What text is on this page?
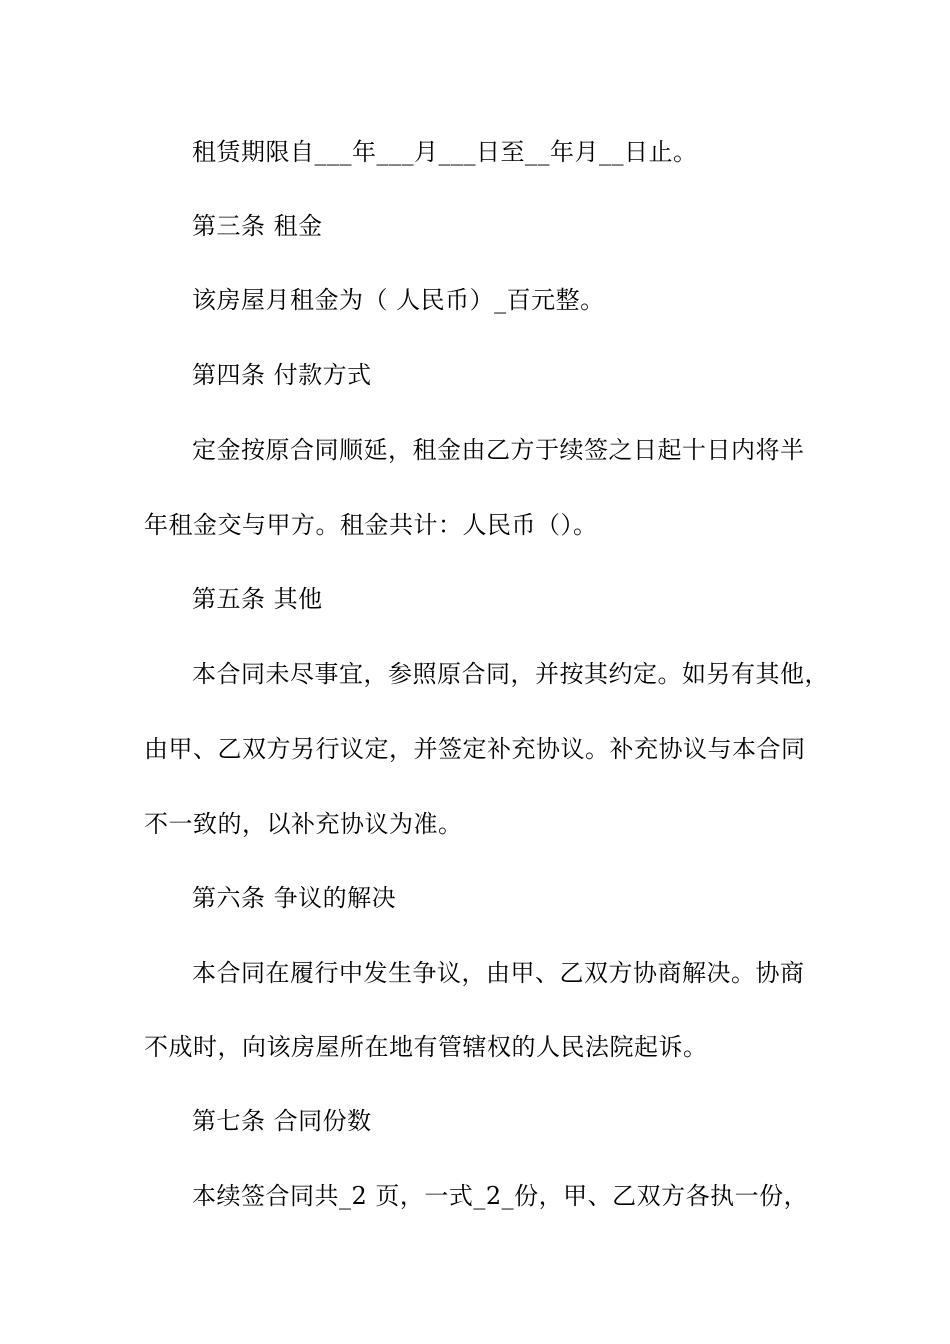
租赁期限自___年___月___日至__年月__日止。
第三条 租金
该房屋月租金为（ 人民币）_百元整。
第四条 付款方式
定金按原合同顺延，租金由乙方于续签之日起十日内将半
年租金交与甲方。租金共计：人民币（）。
第五条 其他
本合同未尽事宜，参照原合同，并按其约定。如另有其他，
由甲、乙双方另行议定，并签定补充协议。补充协议与本合同
不一致的，以补充协议为准。
第六条 争议的解决
本合同在履行中发生争议，由甲、乙双方协商解决。协商
不成时，向该房屋所在地有管辖权的人民法院起诉。
第七条 合同份数
本续签合同共_2 页，一式_2_份，甲、乙双方各执一份，
